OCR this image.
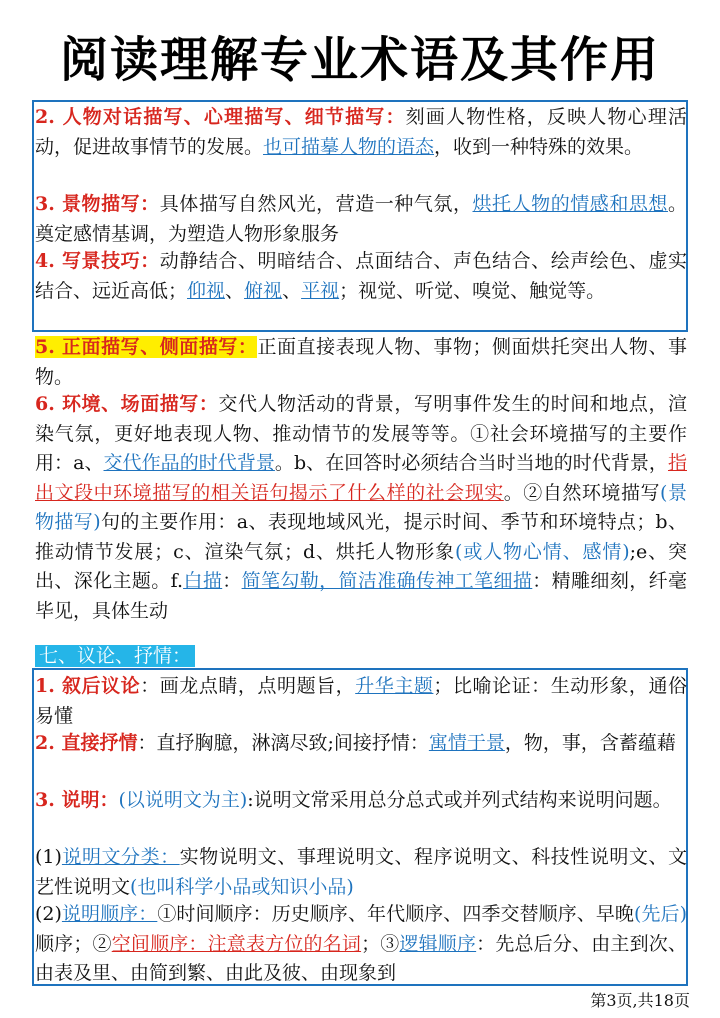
阅读理解专业术语及其作用
2. 人物对话描写、心理描写、细节描写：刻画人物性格，反映人物心理活动，促进故事情节的发展。也可描摹人物的语态，收到一种特殊的效果。
3. 景物描写：具体描写自然风光，营造一种气氛，烘托人物的情感和思想。奠定感情基调，为塑造人物形象服务
4. 写景技巧：动静结合、明暗结合、点面结合、声色结合、绘声绘色、虚实结合、远近高低；仰视、俯视、平视；视觉、听觉、嗅觉、触觉等。
5. 正面描写、侧面描写：正面直接表现人物、事物；侧面烘托突出人物、事物。
6. 环境、场面描写：交代人物活动的背景，写明事件发生的时间和地点，渲染气氛，更好地表现人物、推动情节的发展等等。①社会环境描写的主要作用：a、交代作品的时代背景。b、在回答时必须结合当时当地的时代背景，指出文段中环境描写的相关语句揭示了什么样的社会现实。②自然环境描写(景物描写)句的主要作用：a、表现地域风光，提示时间、季节和环境特点；b、推动情节发展；c、渲染气氛；d、烘托人物形象(或人物心情、感情);e、突出、深化主题。f.白描：简笔勾勒，简洁准确传神工笔细描：精雕细刻，纤毫毕见，具体生动
七、议论、抒情：
1. 叙后议论：画龙点睛，点明题旨，升华主题；比喻论证：生动形象，通俗易懂
2. 直接抒情：直抒胸臆，淋漓尽致;间接抒情：寓情于景，物，事，含蓄蕴藉
3. 说明：(以说明文为主):说明文常采用总分总式或并列式结构来说明问题。
(1)说明文分类：实物说明文、事理说明文、程序说明文、科技性说明文、文艺性说明文(也叫科学小品或知识小品)
(2)说明顺序：①时间顺序：历史顺序、年代顺序、四季交替顺序、早晚(先后)顺序；②空间顺序：注意表方位的名词；③逻辑顺序：先总后分、由主到次、由表及里、由简到繁、由此及彼、由现象到
第3页,共18页
